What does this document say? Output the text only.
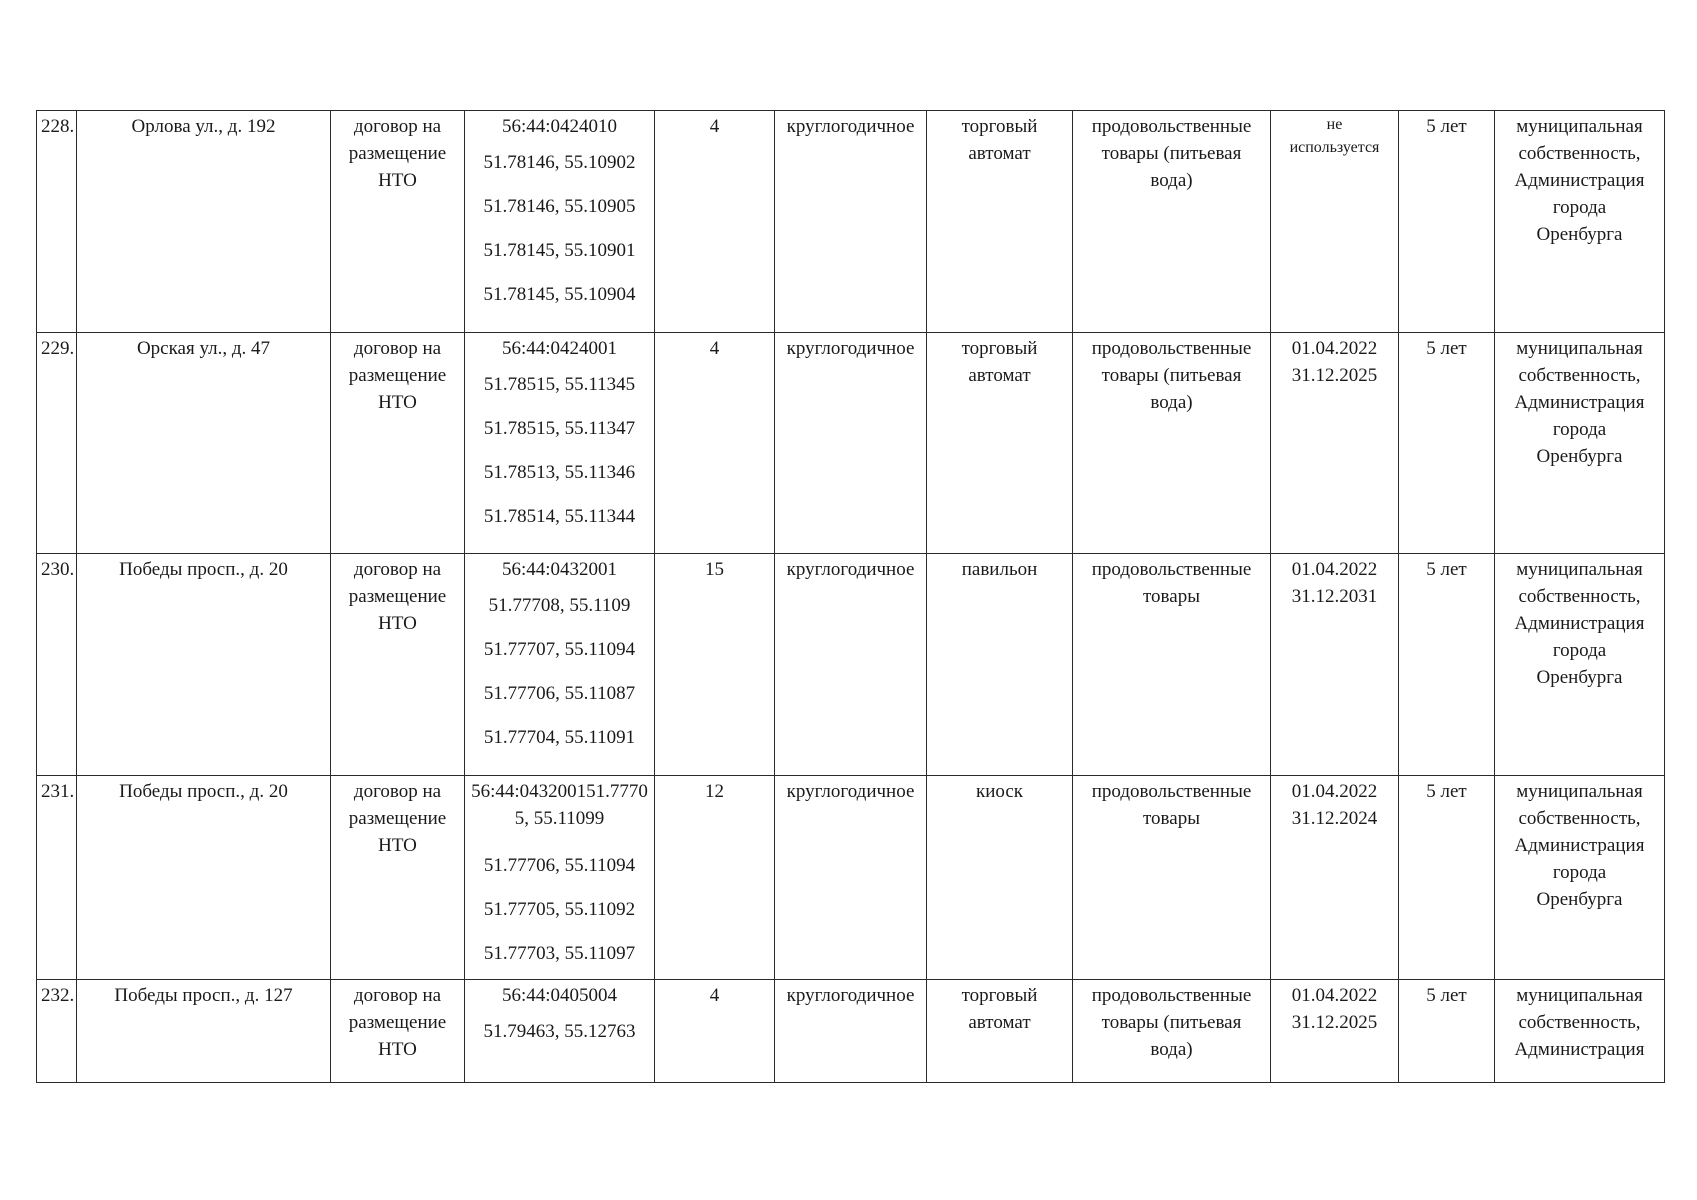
228.	Орлова ул., д. 192	договор на
размещение
НТО	56:44:0424010
51.78146, 55.10902
51.78146, 55.10905
51.78145, 55.10901
51.78145, 55.10904	4	круглогодичное	торговый
автомат	продовольственные
товары (питьевая
вода)	не
используется	5 лет	муниципальная
собственность,
Администрация
города
Оренбурга

229.	Орская ул., д. 47	договор на
размещение
НТО	56:44:0424001
51.78515, 55.11345
51.78515, 55.11347
51.78513, 55.11346
51.78514, 55.11344	4	круглогодичное	торговый
автомат	продовольственные
товары (питьевая
вода)	01.04.2022
31.12.2025	5 лет	муниципальная
собственность,
Администрация
города
Оренбурга

230.	Победы просп., д. 20	договор на
размещение
НТО	56:44:0432001
51.77708, 55.1109
51.77707, 55.11094
51.77706, 55.11087
51.77704, 55.11091	15	круглогодичное	павильон	продовольственные
товары	01.04.2022
31.12.2031	5 лет	муниципальная
собственность,
Администрация
города
Оренбурга

231.	Победы просп., д. 20	договор на
размещение
НТО	56:44:043200151.77705, 55.11099
51.77706, 55.11094
51.77705, 55.11092
51.77703, 55.11097	12	круглогодичное	киоск	продовольственные
товары	01.04.2022
31.12.2024	5 лет	муниципальная
собственность,
Администрация
города
Оренбурга

232.	Победы просп., д. 127	договор на
размещение
НТО	56:44:0405004
51.79463, 55.12763	4	круглогодичное	торговый
автомат	продовольственные
товары (питьевая
вода)	01.04.2022
31.12.2025	5 лет	муниципальная
собственность,
Администрация
